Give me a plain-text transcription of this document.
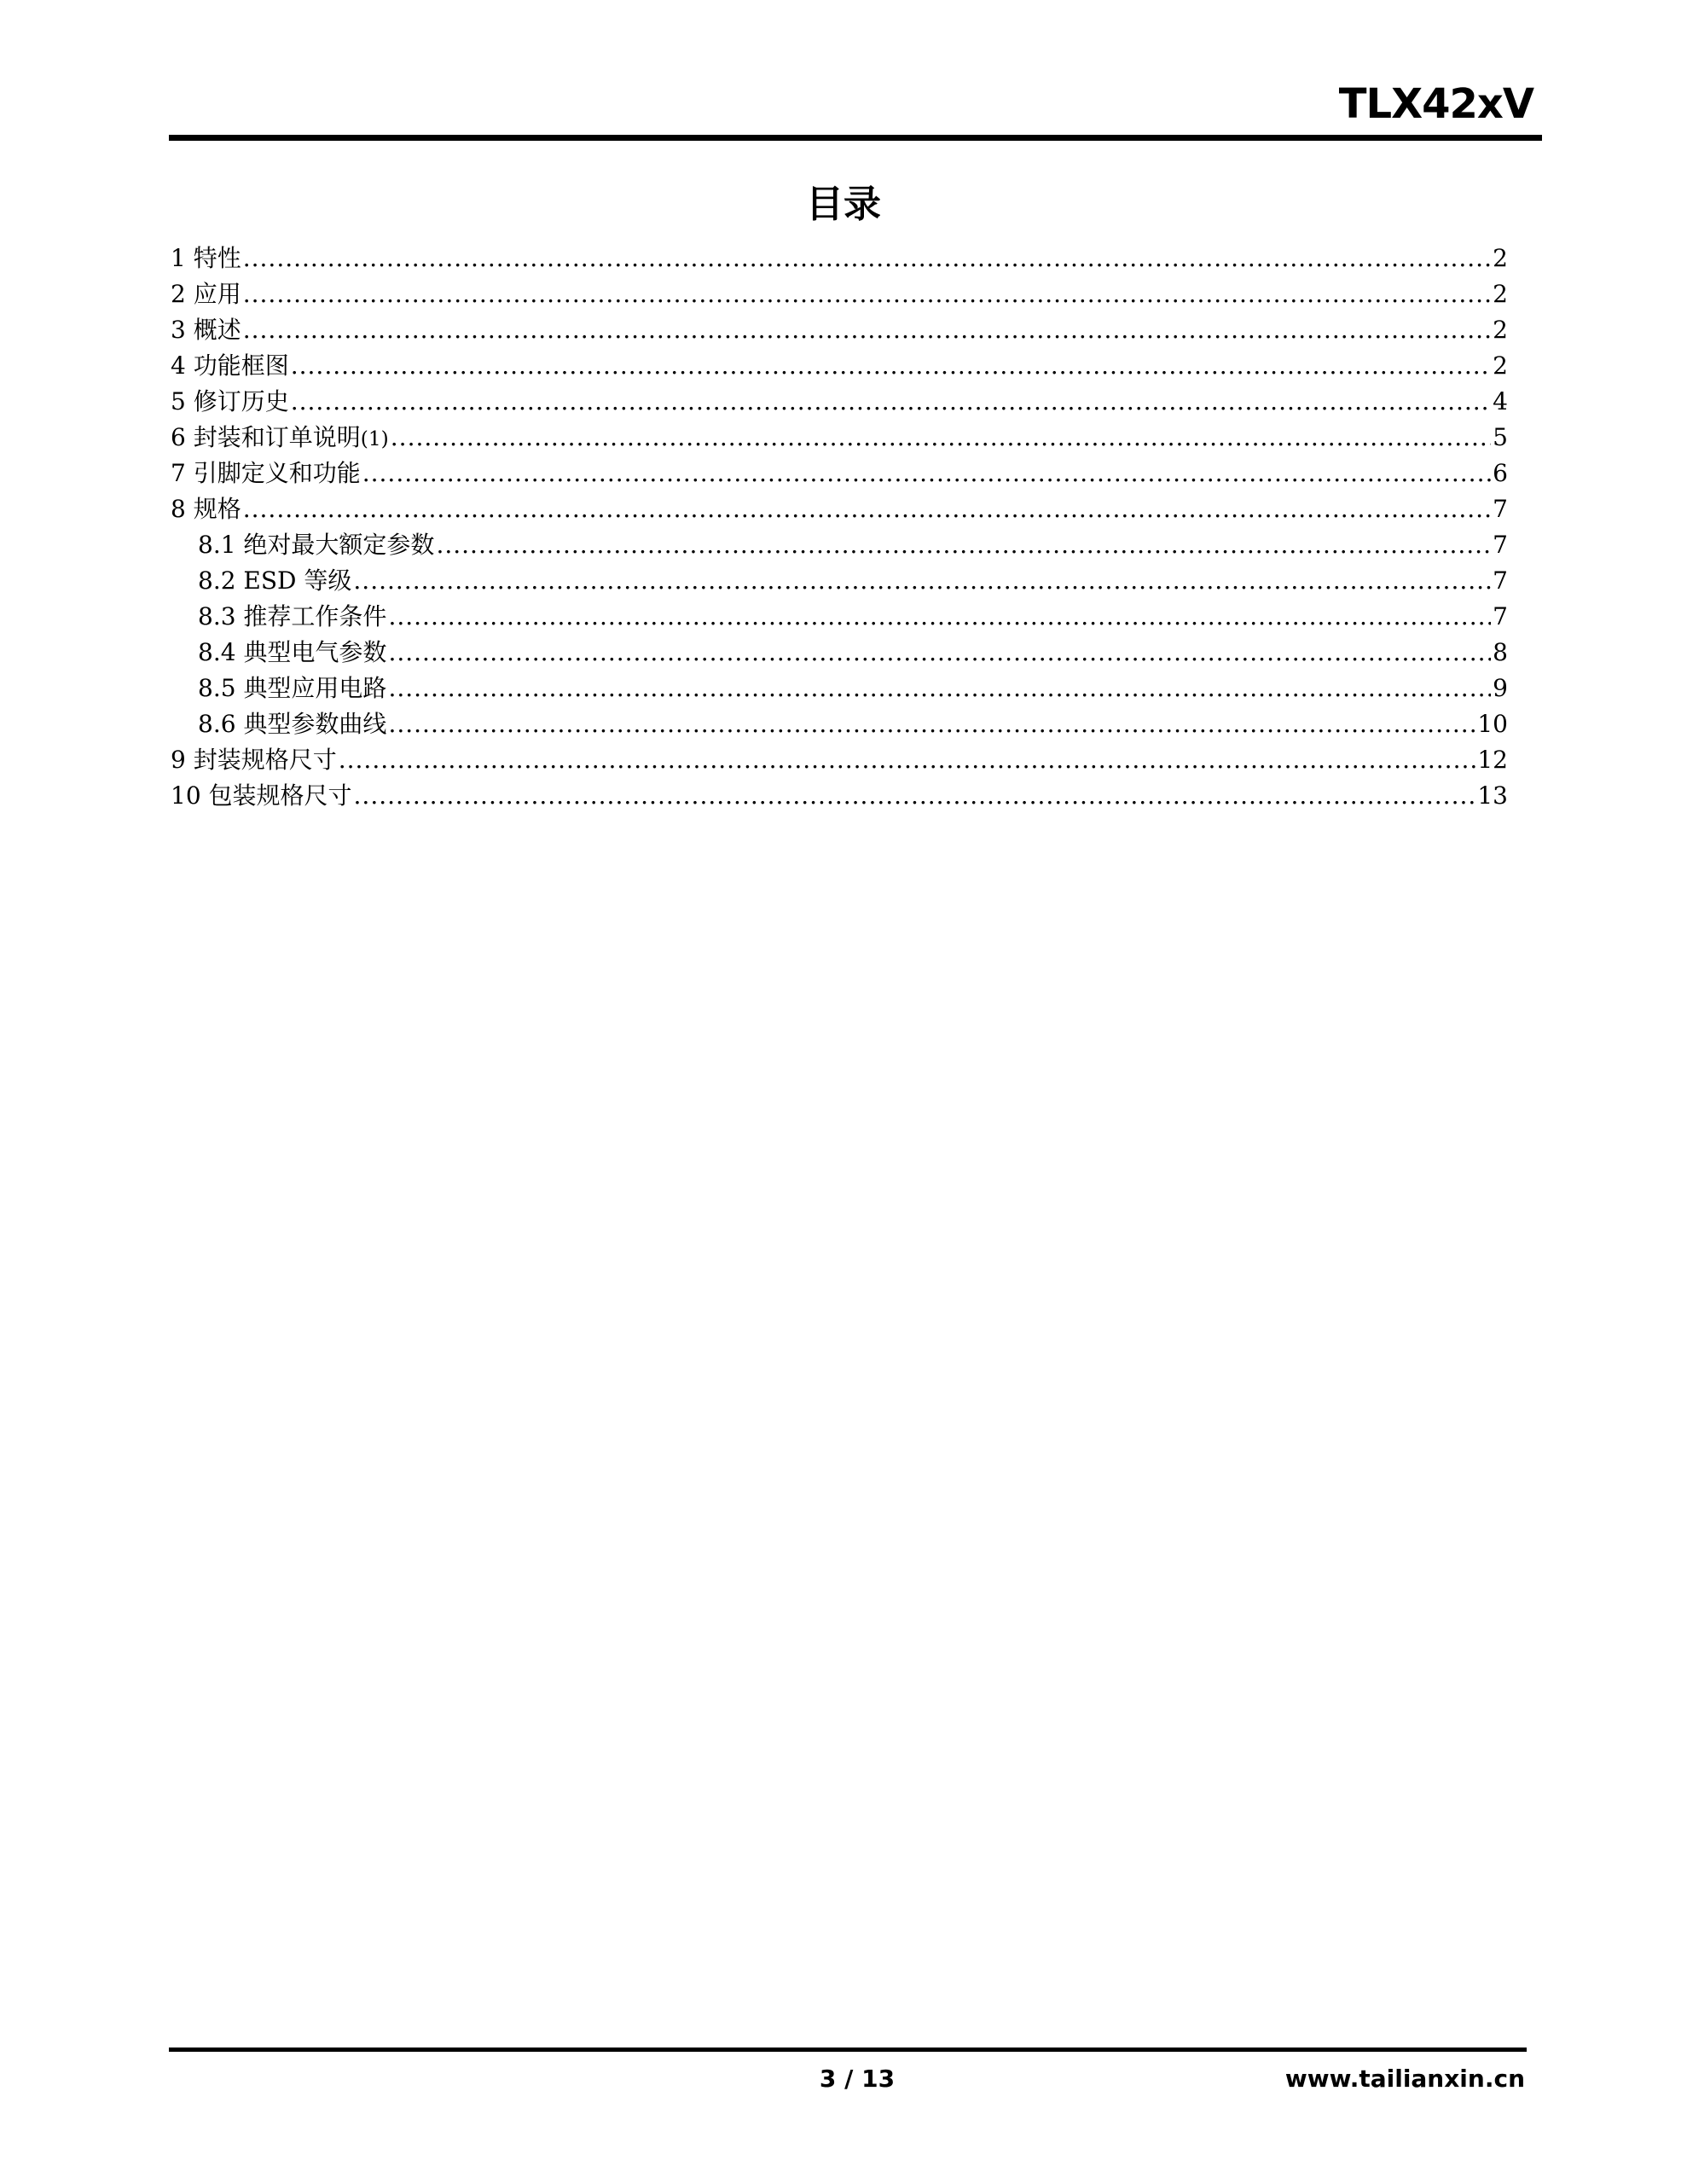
TLX42xV
目录
1 特性 .....	2
2 应用 .....	2
3 概述 .....	2
4 功能框图 .....	2
5 修订历史 .....	4
6 封装和订单说明 (1) .....	5
7 引脚定义和功能 .....	6
8 规格 .....	7
8.1 绝对最大额定参数 .....	7
8.2 ESD 等级 .....	7
8.3 推荐工作条件 .....	7
8.4 典型电气参数 .....	8
8.5 典型应用电路 .....	9
8.6 典型参数曲线 .....	10
9 封装规格尺寸 .....	12
10 包装规格尺寸 .....	13
3 / 13	www.tailianxin.cn
